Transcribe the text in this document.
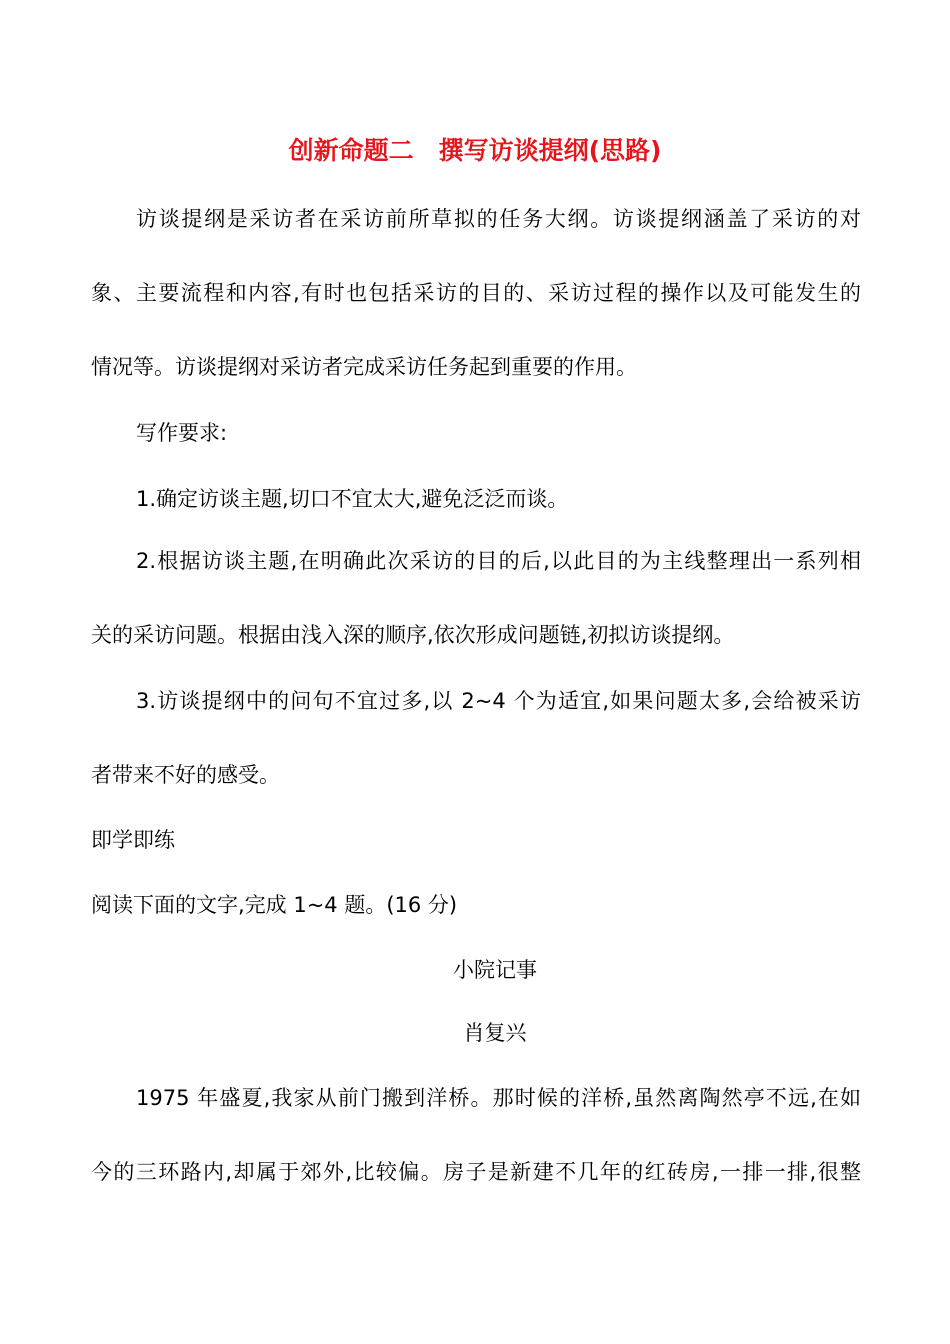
创新命题二　撰写访谈提纲(思路)
访谈提纲是采访者在采访前所草拟的任务大纲。访谈提纲涵盖了采访的对
象、主要流程和内容,有时也包括采访的目的、采访过程的操作以及可能发生的
情况等。访谈提纲对采访者完成采访任务起到重要的作用。
写作要求:
1.确定访谈主题,切口不宜太大,避免泛泛而谈。
2.根据访谈主题,在明确此次采访的目的后,以此目的为主线整理出一系列相
关的采访问题。根据由浅入深的顺序,依次形成问题链,初拟访谈提纲。
3.访谈提纲中的问句不宜过多,以 2~4 个为适宜,如果问题太多,会给被采访
者带来不好的感受。
即学即练
阅读下面的文字,完成 1~4 题。(16 分)
小院记事
肖复兴
1975 年盛夏,我家从前门搬到洋桥。那时候的洋桥,虽然离陶然亭不远,在如
今的三环路内,却属于郊外,比较偏。房子是新建不几年的红砖房,一排一排,很整
